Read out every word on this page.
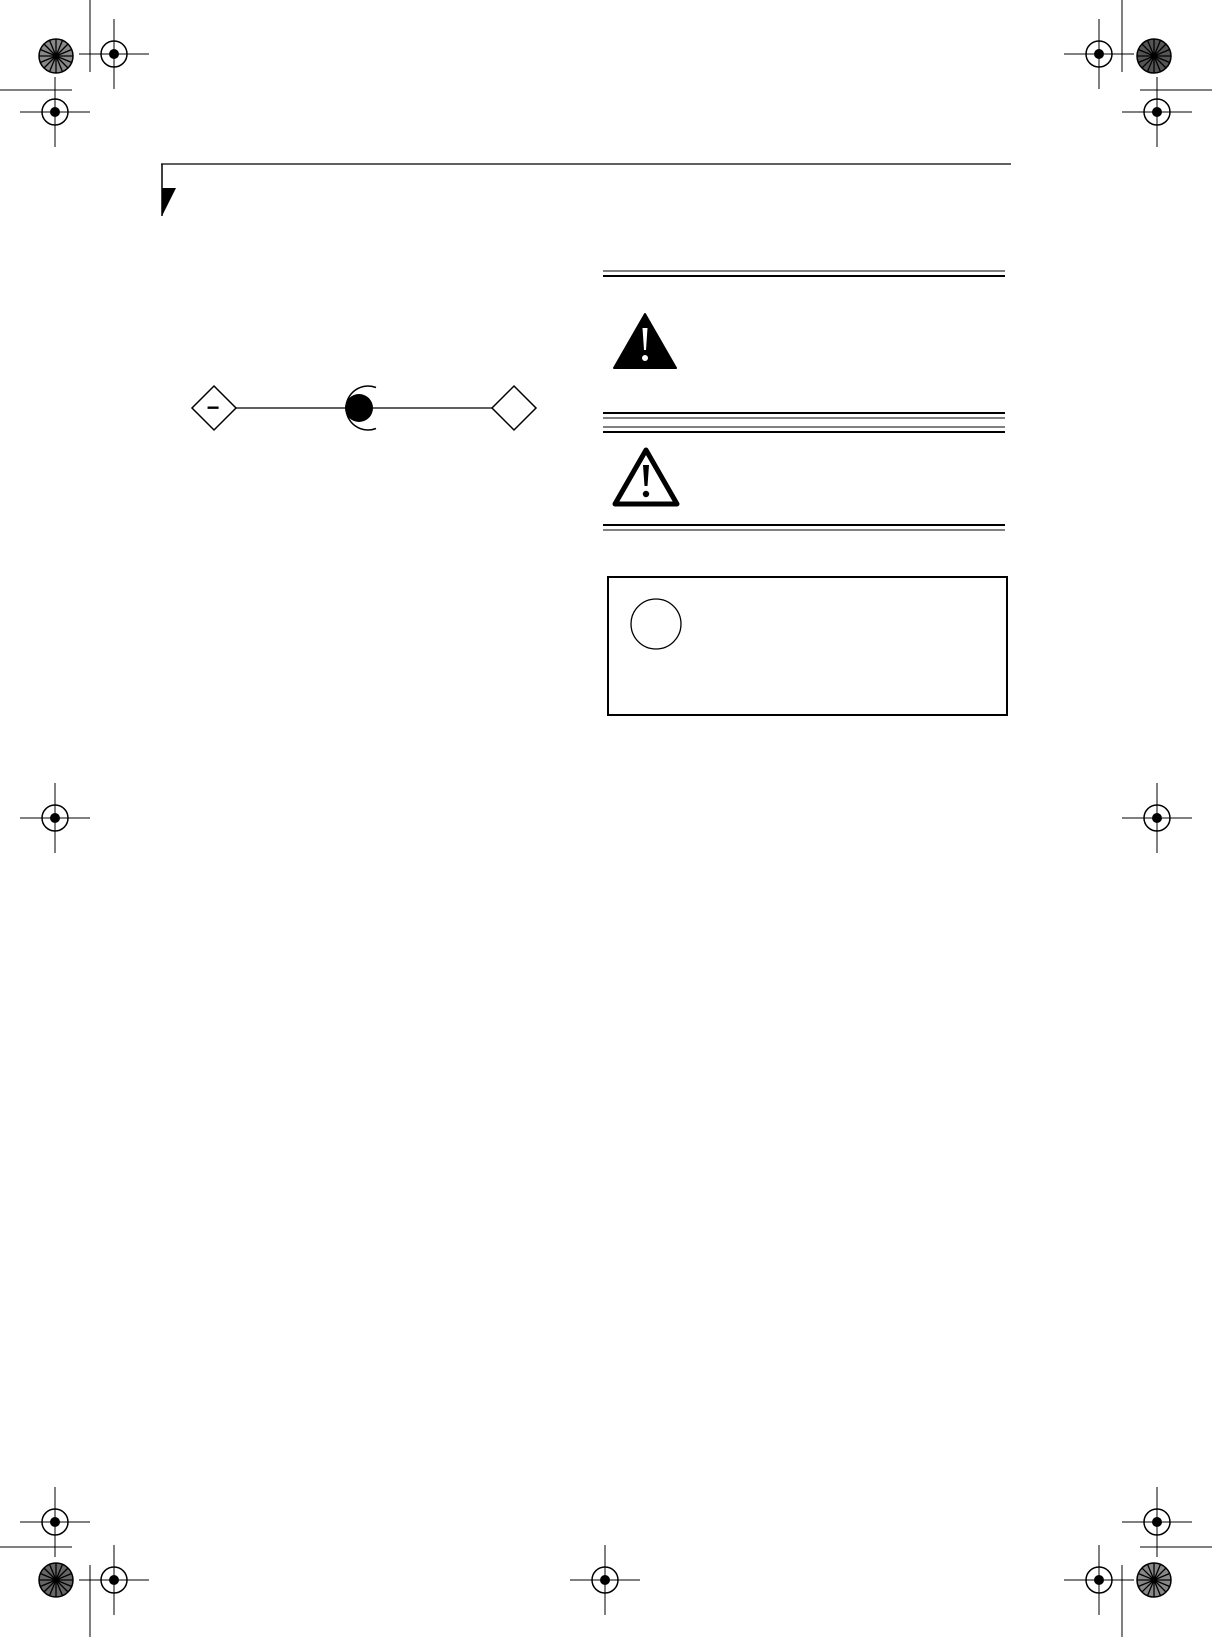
−
